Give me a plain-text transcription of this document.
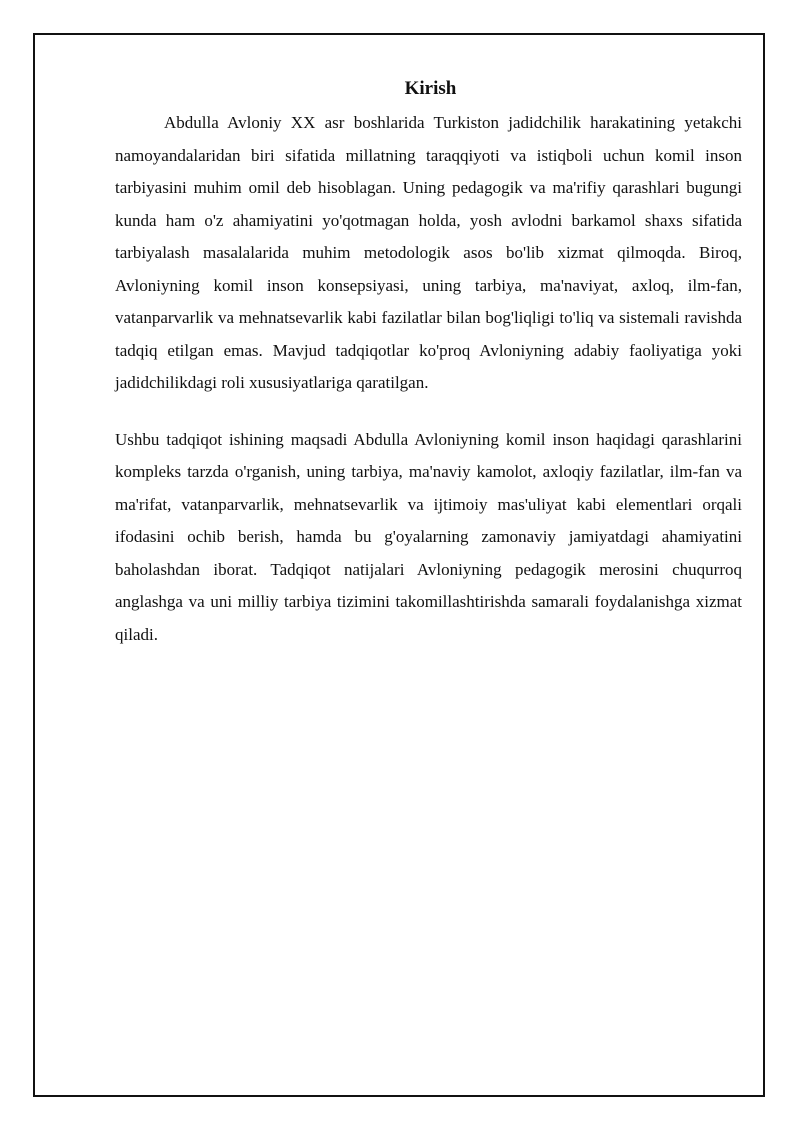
Kirish

Abdulla Avloniy XX asr boshlarida Turkiston jadidchilik harakatining yetakchi namoyandalaridan biri sifatida millatning taraqqiyoti va istiqboli uchun komil inson tarbiyasini muhim omil deb hisoblagan. Uning pedagogik va ma'rifiy qarashlari bugungi kunda ham o'z ahamiyatini yo'qotmagan holda, yosh avlodni barkamol shaxs sifatida tarbiyalash masalalarida muhim metodologik asos bo'lib xizmat qilmoqda. Biroq, Avloniyning komil inson konsepsiyasi, uning tarbiya, ma'naviyat, axloq, ilm-fan, vatanparvarlik va mehnatsevarlik kabi fazilatlar bilan bog'liqligi to'liq va sistemali ravishda tadqiq etilgan emas. Mavjud tadqiqotlar ko'proq Avloniyning adabiy faoliyatiga yoki jadidchilikdagi roli xususiyatlariga qaratilgan.

Ushbu tadqiqot ishining maqsadi Abdulla Avloniyning komil inson haqidagi qarashlarini kompleks tarzda o'rganish, uning tarbiya, ma'naviy kamolot, axloqiy fazilatlar, ilm-fan va ma'rifat, vatanparvarlik, mehnatsevarlik va ijtimoiy mas'uliyat kabi elementlari orqali ifodasini ochib berish, hamda bu g'oyalarning zamonaviy jamiyatdagi ahamiyatini baholashdan iborat. Tadqiqot natijalari Avloniyning pedagogik merosini chuqurroq anglashga va uni milliy tarbiya tizimini takomillashtirishda samarali foydalanishga xizmat qiladi.
